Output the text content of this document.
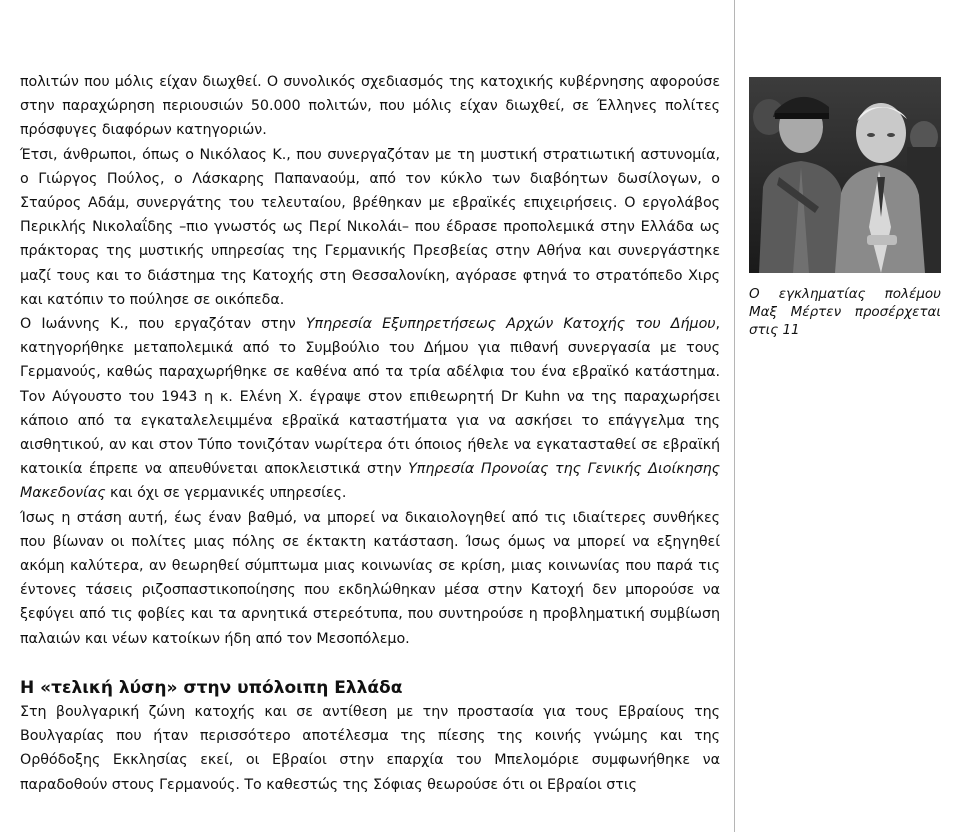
πολιτών που μόλις είχαν διωχθεί. Ο συνολικός σχεδιασμός της κατοχικής κυβέρνησης αφορούσε στην παραχώρηση περιουσιών 50.000 πολιτών, που μόλις είχαν διωχθεί, σε Έλληνες πολίτες πρόσφυγες διαφόρων κατηγοριών.

Έτσι, άνθρωποι, όπως ο Νικόλαος Κ., που συνεργαζόταν με τη μυστική στρατιωτική αστυνομία, ο Γιώργος Πούλος, ο Λάσκαρης Παπαναούμ, από τον κύκλο των διαβόητων δωσίλογων, ο Σταύρος Αδάμ, συνεργάτης του τελευταίου, βρέθηκαν με εβραϊκές επιχειρήσεις. Ο εργολάβος Περικλής Νικολαΐδης –πιο γνωστός ως Περί Νικολάι– που έδρασε προπολεμικά στην Ελλάδα ως πράκτορας της μυστικής υπηρεσίας της Γερμανικής Πρεσβείας στην Αθήνα και συνεργάστηκε μαζί τους και το διάστημα της Κατοχής στη Θεσσαλονίκη, αγόρασε φτηνά το στρατόπεδο Χιρς και κατόπιν το πούλησε σε οικόπεδα.

Ο Ιωάννης Κ., που εργαζόταν στην Υπηρεσία Εξυπηρετήσεως Αρχών Κατοχής του Δήμου, κατηγορήθηκε μεταπολεμικά από το Συμβούλιο του Δήμου για πιθανή συνεργασία με τους Γερμανούς, καθώς παραχωρήθηκε σε καθένα από τα τρία αδέλφια του ένα εβραϊκό κατάστημα. Τον Αύγουστο του 1943 η κ. Ελένη Χ. έγραψε στον επιθεωρητή Dr Kuhn να της παραχωρήσει κάποιο από τα εγκαταλελειμμένα εβραϊκά καταστήματα για να ασκήσει το επάγγελμα της αισθητικού, αν και στον Τύπο τονιζόταν νωρίτερα ότι όποιος ήθελε να εγκατασταθεί σε εβραϊκή κατοικία έπρεπε να απευθύνεται αποκλειστικά στην Υπηρεσία Προνοίας της Γενικής Διοίκησης Μακεδονίας και όχι σε γερμανικές υπηρεσίες.

Ίσως η στάση αυτή, έως έναν βαθμό, να μπορεί να δικαιολογηθεί από τις ιδιαίτερες συνθήκες που βίωναν οι πολίτες μιας πόλης σε έκτακτη κατάσταση. Ίσως όμως να μπορεί να εξηγηθεί ακόμη καλύτερα, αν θεωρηθεί σύμπτωμα μιας κοινωνίας σε κρίση, μιας κοινωνίας που παρά τις έντονες τάσεις ριζοσπαστικοποίησης που εκδηλώθηκαν μέσα στην Κατοχή δεν μπορούσε να ξεφύγει από τις φοβίες και τα αρνητικά στερεότυπα, που συντηρούσε η προβληματική συμβίωση παλαιών και νέων κατοίκων ήδη από τον Μεσοπόλεμο.

Η «τελική λύση» στην υπόλοιπη Ελλάδα

Στη βουλγαρική ζώνη κατοχής και σε αντίθεση με την προστασία για τους Εβραίους της Βουλγαρίας που ήταν περισσότερο αποτέλεσμα της πίεσης της κοινής γνώμης και της Ορθόδοξης Εκκλησίας εκεί, οι Εβραίοι στην επαρχία του Μπελομόριε συμφωνήθηκε να παραδοθούν στους Γερμανούς. Το καθεστώς της Σόφιας θεωρούσε ότι οι Εβραίοι στις

Ο εγκληματίας πολέμου Μαξ Μέρτεν προσέρχεται στις 11
